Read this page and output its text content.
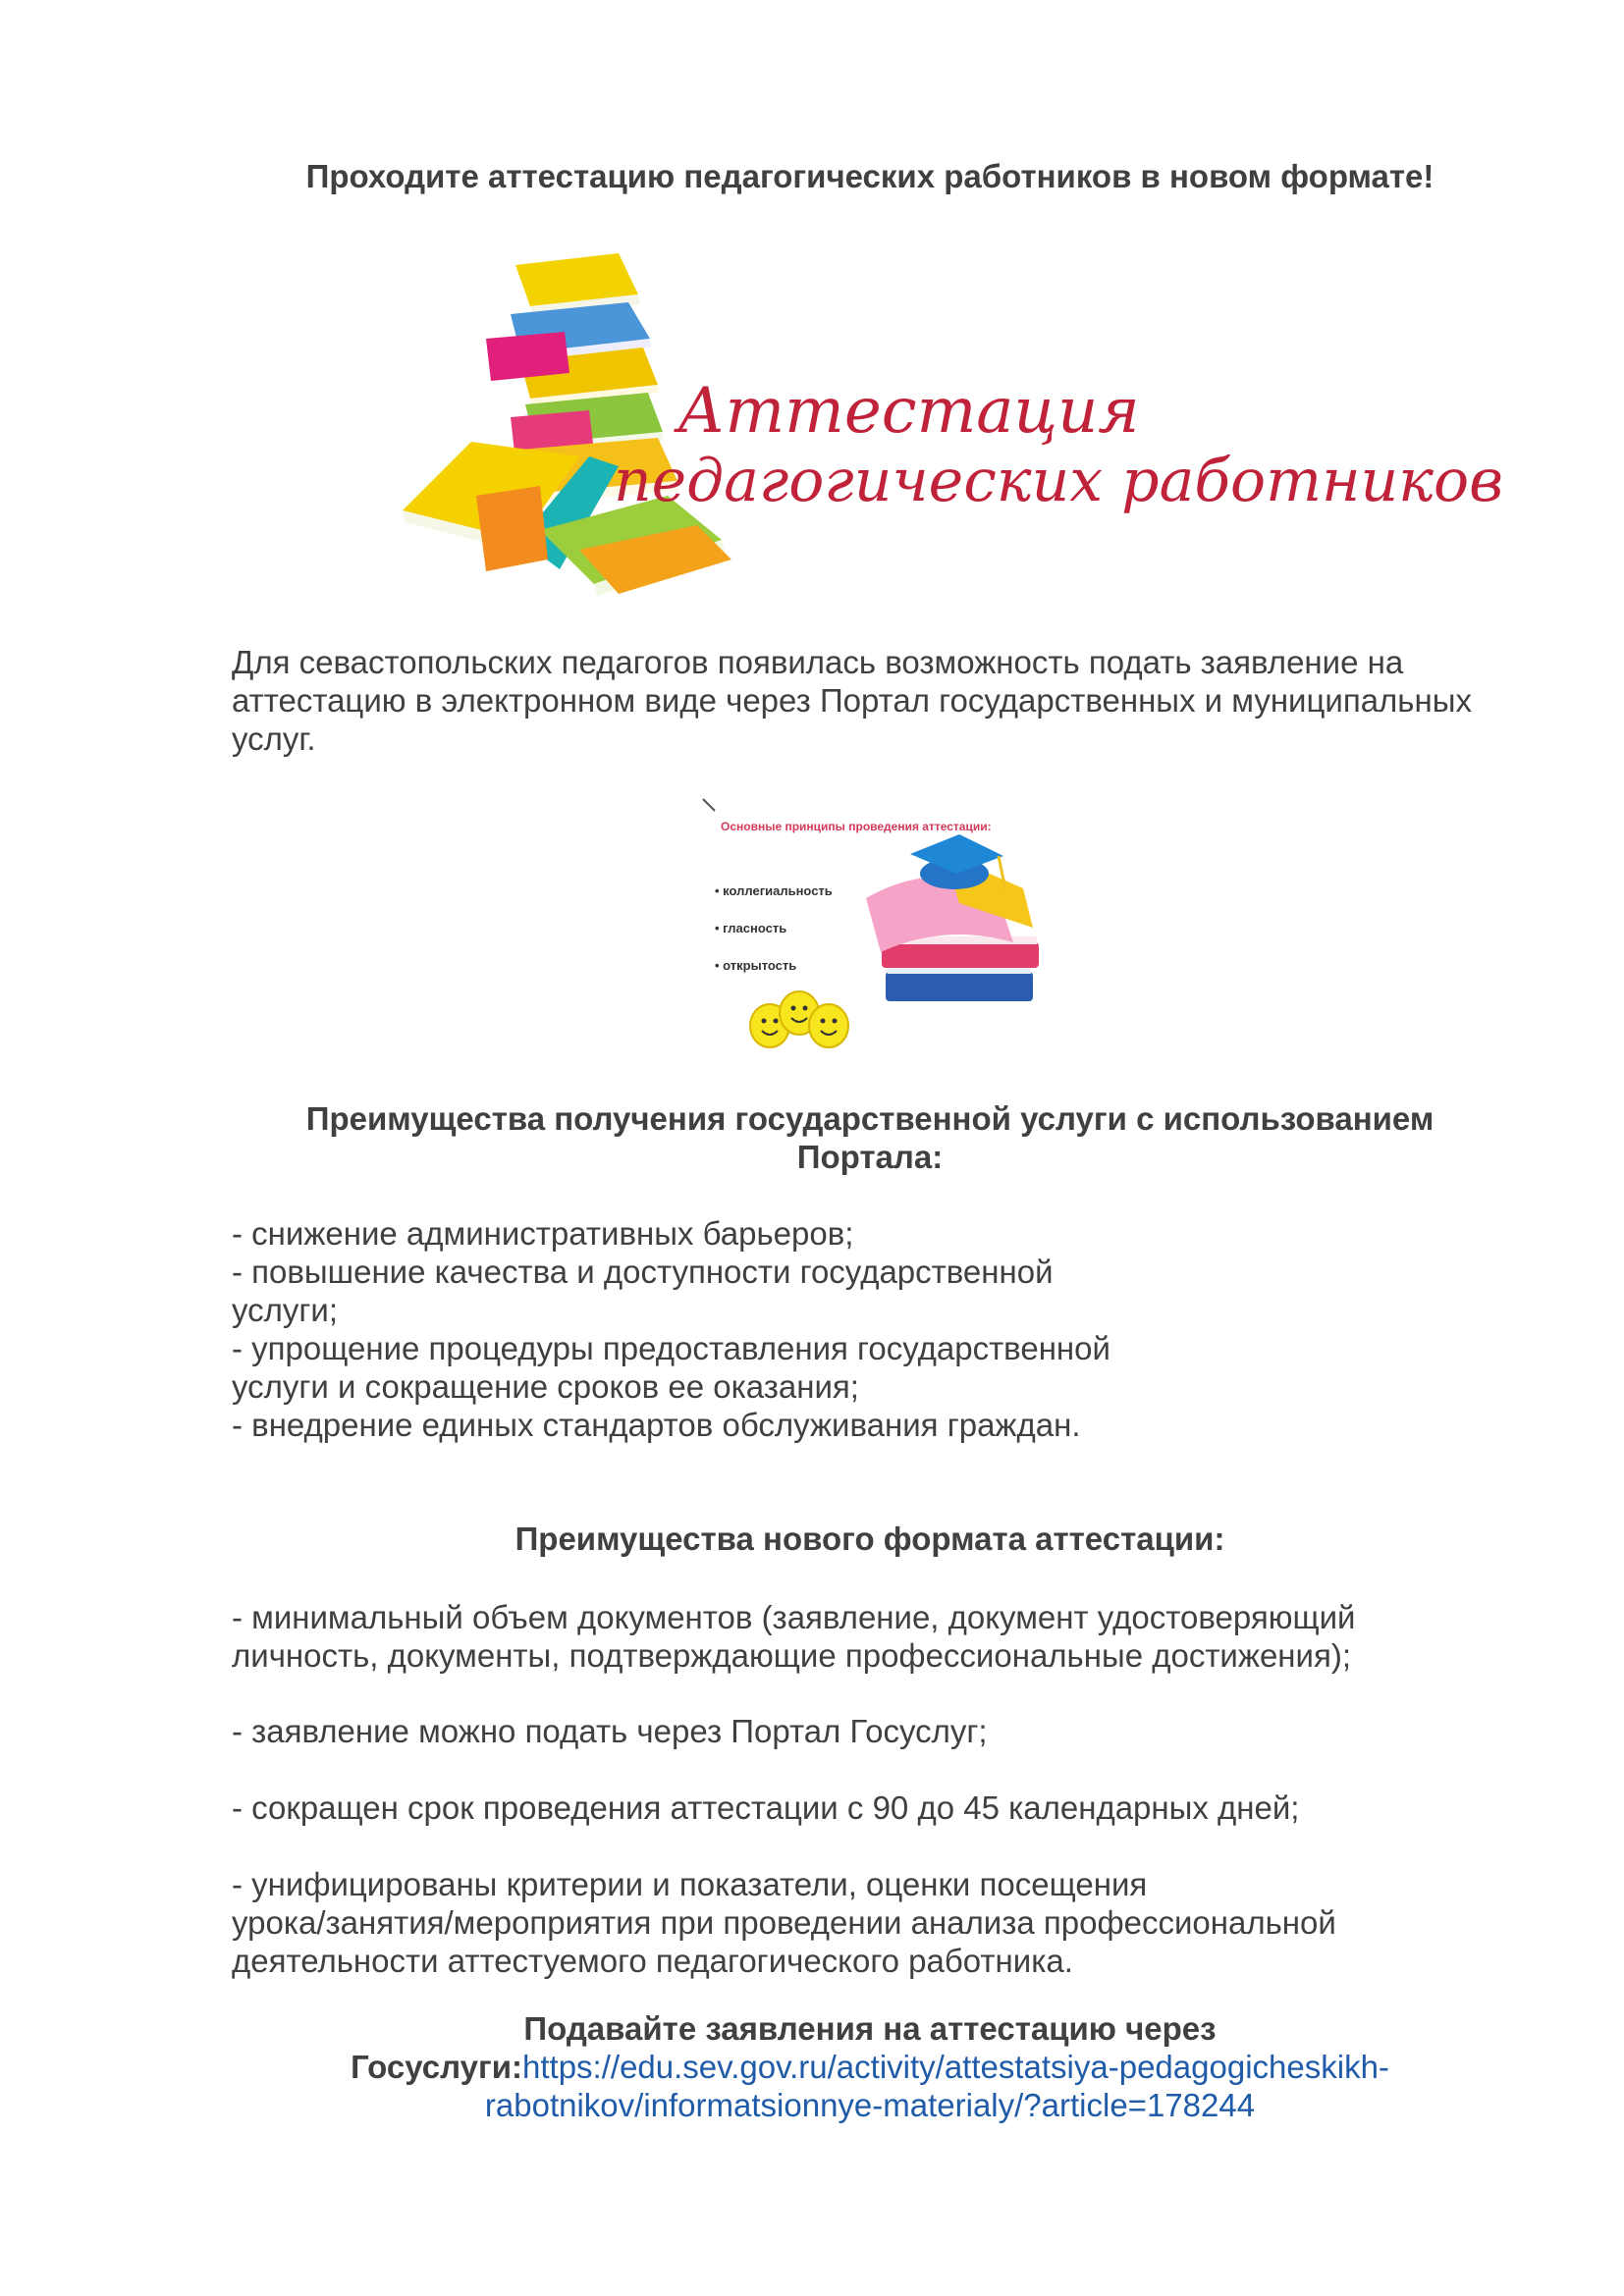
Проходите аттестацию педагогических работников в новом формате!
Аттестация
педагогических работников

Для севастопольских педагогов появилась возможность подать заявление на
аттестацию в электронном виде через Портал государственных и муниципальных
услуг.

Основные принципы проведения аттестации:
• коллегиальность
• гласность
• открытость
Преимущества получения государственной услуги с использованием
Портала:

- снижение административных барьеров;
- повышение качества и доступности государственной
услуги;
- упрощение процедуры предоставления государственной
услуги и сокращение сроков ее оказания;
- внедрение единых стандартов обслуживания граждан.

Преимущества нового формата аттестации:

- минимальный объем документов (заявление, документ удостоверяющий
личность, документы, подтверждающие профессиональные достижения);

- заявление можно подать через Портал Госуслуг;

- сокращен срок проведения аттестации с 90 до 45 календарных дней;

- унифицированы критерии и показатели, оценки посещения
урока/занятия/мероприятия при проведении анализа профессиональной
деятельности аттестуемого педагогического работника.

Подавайте заявления на аттестацию через
Госуслуги:https://edu.sev.gov.ru/activity/attestatsiya-pedagogicheskikh-
rabotnikov/informatsionnye-materialy/?article=178244
